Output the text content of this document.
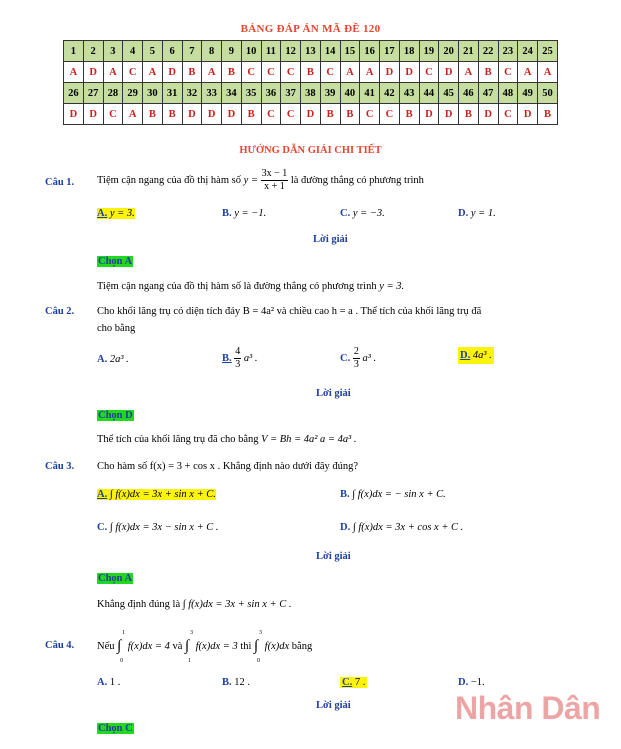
BẢNG ĐÁP ÁN MÃ ĐỀ 120
1	2	3	4	5	6	7	8	9	10	11	12	13	14	15	16	17	18	19	20	21	22	23	24	25
A	D	A	C	A	D	B	A	B	C	C	C	B	C	A	A	D	D	C	D	A	B	C	A	A
26	27	28	29	30	31	32	33	34	35	36	37	38	39	40	41	42	43	44	45	46	47	48	49	50
D	D	C	A	B	B	D	D	D	B	C	C	D	B	B	C	C	B	D	D	B	D	C	D	B
HƯỚNG DẪN GIẢI CHI TIẾT
Câu 1. Tiệm cận ngang của đồ thị hàm số $y = \frac{3x - 1}{x + 1}$ là đường thẳng có phương trình
A. y = 3.	B. y = −1.	C. y = −3.	D. y = 1.
Lời giải
Chọn A
Tiệm cận ngang của đồ thị hàm số là đường thẳng có phương trình y = 3.
Câu 2. Cho khối lăng trụ có diện tích đáy B = 4a² và chiều cao h = a . Thể tích của khối lăng trụ đã
cho bằng
A. 2a³ .	B. $\frac{4}{3} a^3$ .	C. $\frac{2}{3} a^3$ .	D. 4a³ .
Lời giải
Chọn D
Thể tích của khối lăng trụ đã cho bằng V = Bh = 4a² a = 4a³ .
Câu 3. Cho hàm số f(x) = 3 + cos x . Khẳng định nào dưới đây đúng?
A. ∫ f(x)dx = 3x + sin x + C.	B. ∫ f(x)dx = − sin x + C.
C. ∫ f(x)dx = 3x − sin x + C .	D. ∫ f(x)dx = 3x + cos x + C .
Lời giải
Chọn A
Khẳng định đúng là ∫ f(x)dx = 3x + sin x + C .
Câu 4. Nếu ∫
1
0
f(x)dx = 4 và ∫
3
1
f(x)dx = 3 thì ∫
3
0
f(x)dx bằng
A. 1 .	B. 12 .	C. 7 .	D. −1.
Lời giải
Chọn C
Nhân Dân
